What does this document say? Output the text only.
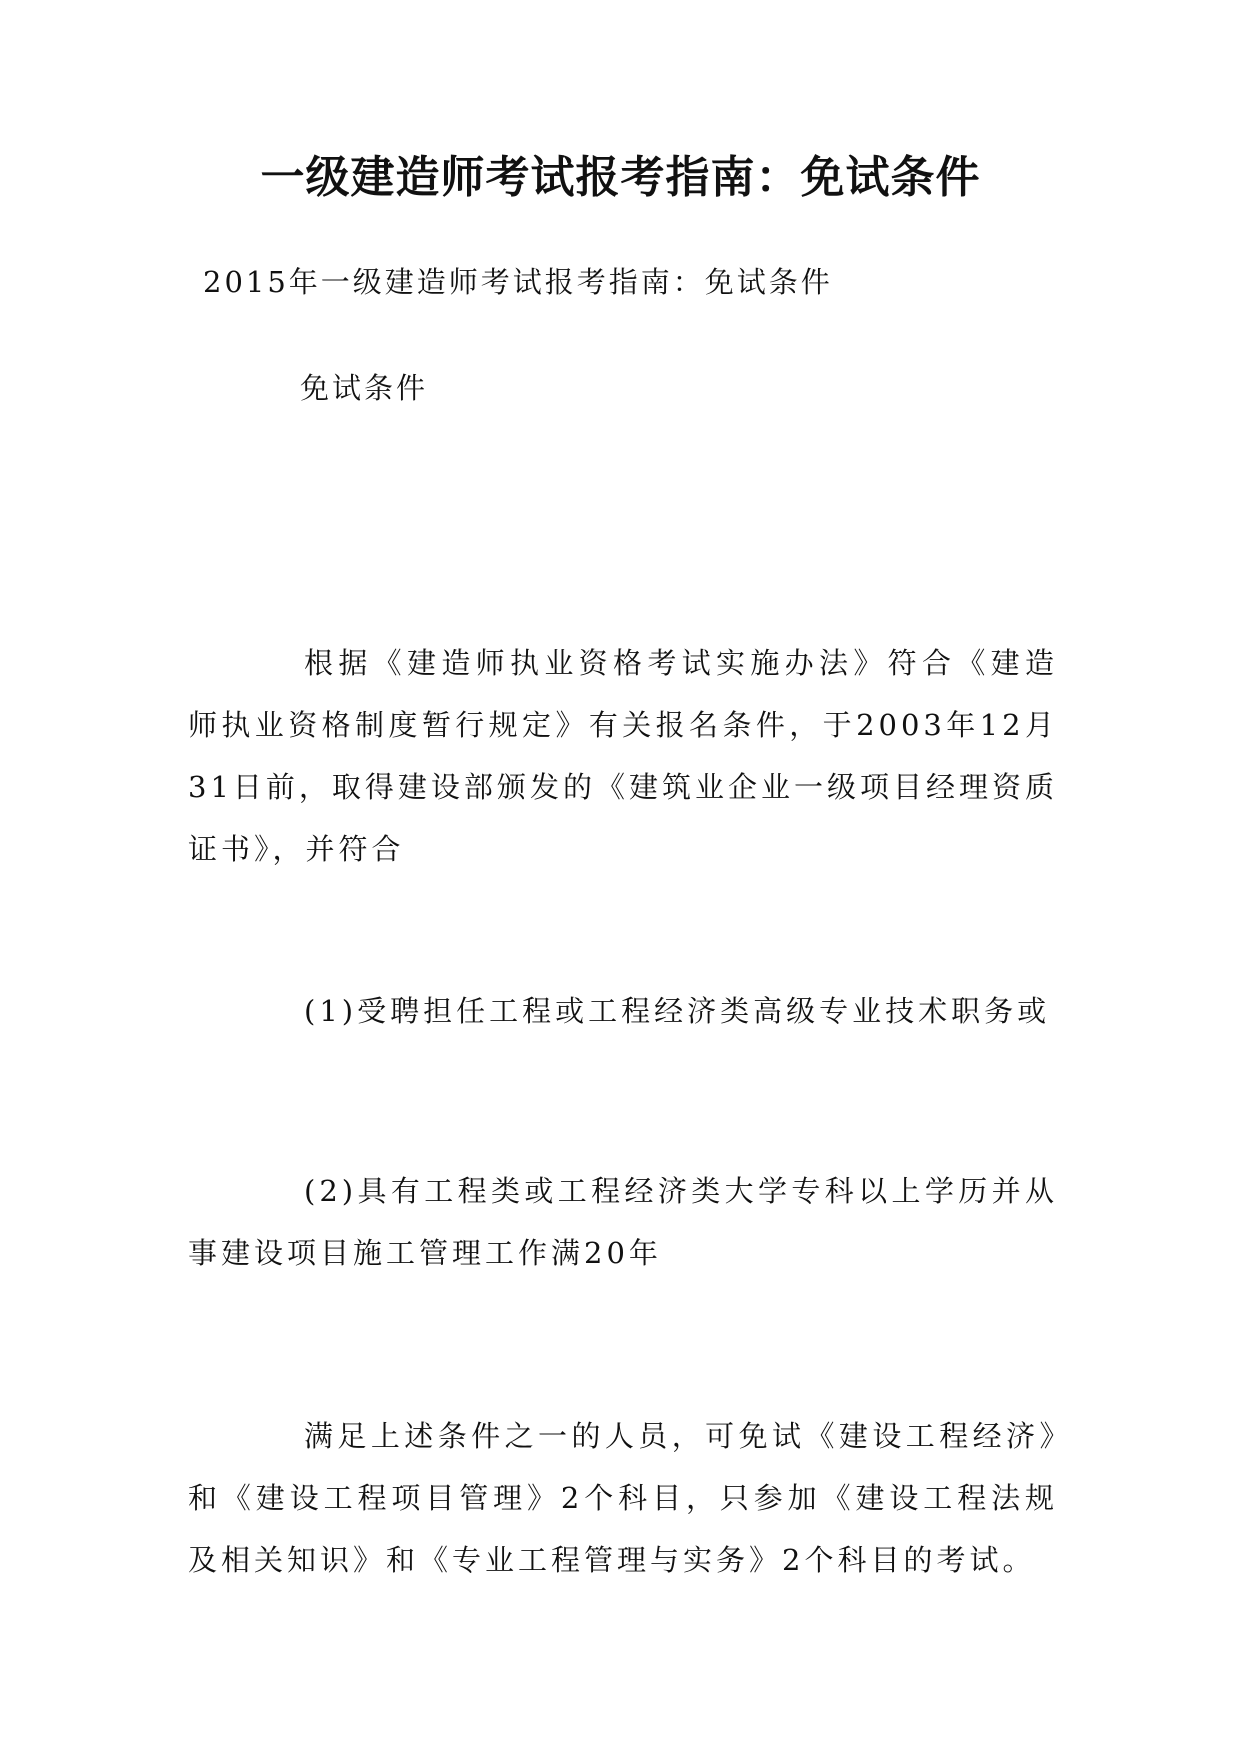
一级建造师考试报考指南：免试条件

2015年一级建造师考试报考指南：免试条件

免试条件

根据《建造师执业资格考试实施办法》符合《建造师执业资格制度暂行规定》有关报名条件，于2003年12月31日前，取得建设部颁发的《建筑业企业一级项目经理资质证书》，并符合

(1)受聘担任工程或工程经济类高级专业技术职务或

(2)具有工程类或工程经济类大学专科以上学历并从事建设项目施工管理工作满20年

满足上述条件之一的人员，可免试《建设工程经济》和《建设工程项目管理》2个科目，只参加《建设工程法规及相关知识》和《专业工程管理与实务》2个科目的考试。
